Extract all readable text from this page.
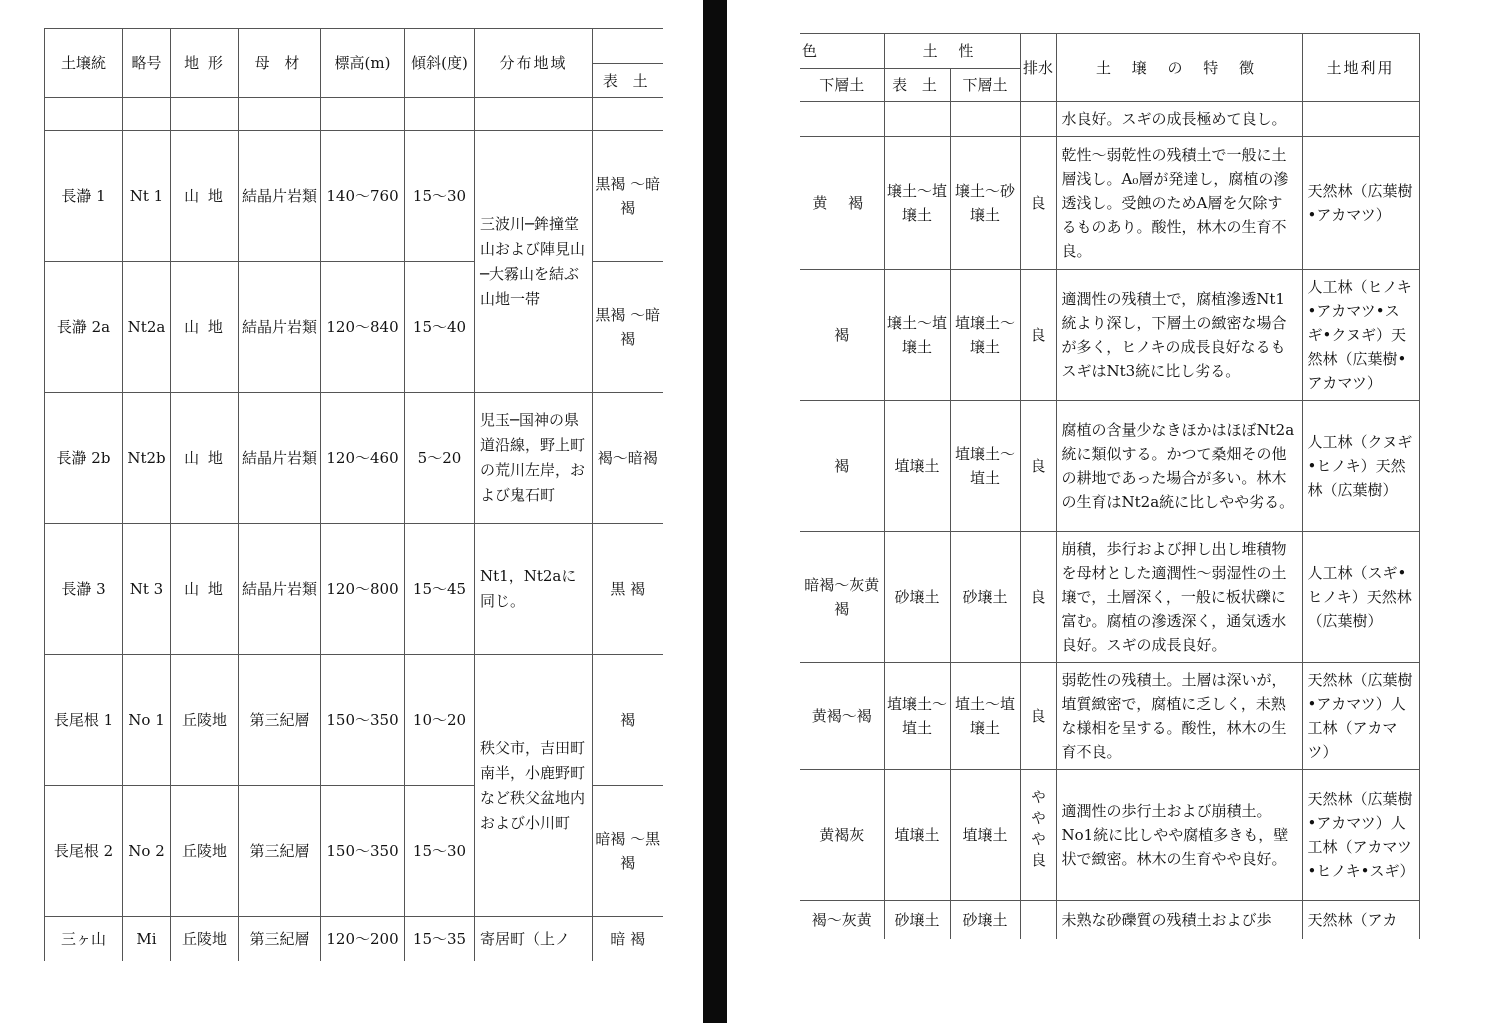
土壌統	略号	地 形	母 材	標高(m)	傾斜(度)	分布地域	
							表 土

長瀞 1	Nt 1	山 地	結晶片岩類	140〜760	15〜30	三波川─鉾撞堂山および陣見山─大霧山を結ぶ山地一帯	黒褐 〜暗褐
長瀞 2a	Nt2a	山 地	結晶片岩類	120〜840	15〜40		黒褐 〜暗褐
長瀞 2b	Nt2b	山 地	結晶片岩類	120〜460	5〜20	児玉─国神の県道沿線，野上町の荒川左岸，および鬼石町	褐〜暗褐
長瀞 3	Nt 3	山 地	結晶片岩類	120〜800	15〜45	Nt1，Nt2aに同じ。	黒 褐
長尾根 1	No 1	丘陵地	第三紀層	150〜350	10〜20	秩父市，吉田町南半，小鹿野町など秩父盆地内および小川町	褐
長尾根 2	No 2	丘陵地	第三紀層	150〜350	15〜30		暗褐 〜黒褐
三ヶ山	Mi	丘陵地	第三紀層	120〜200	15〜35	寄居町（上ノ	暗 褐
色	土 性		排水	土 壌 の 特 徴	土地利用
下層土	表 土	下層土			
				水良好。スギの成長極めて良し。	
黄 褐	壌土〜埴壌土	壌土〜砂壌土	良	乾性〜弱乾性の残積土で一般に土層浅し。A₀層が発達し，腐植の滲透浅し。受蝕のためA層を欠除するものあり。酸性，林木の生育不良。	天然林（広葉樹•アカマツ）
褐	壌土〜埴壌土	埴壌土〜壌土	良	適潤性の残積土で，腐植滲透Nt1統より深し，下層土の緻密な場合が多く，ヒノキの成長良好なるもスギはNt3統に比し劣る。	人工林（ヒノキ•アカマツ•スギ•クヌギ）天然林（広葉樹•アカマツ）
褐	埴壌土	埴壌土〜埴土	良	腐植の含量少なきほかはほぼNt2a統に類似する。かつて桑畑その他の耕地であった場合が多い。林木の生育はNt2a統に比しやや劣る。	人工林（クヌギ•ヒノキ）天然林（広葉樹）
暗褐〜灰黄褐	砂壌土	砂壌土	良	崩積，歩行および押し出し堆積物を母材とした適潤性〜弱湿性の土壌で，土層深く，一般に板状礫に富む。腐植の滲透深く，通気透水良好。スギの成長良好。	人工林（スギ•ヒノキ）天然林（広葉樹）
黄褐〜褐	埴壌土〜埴土	埴土〜埴壌土	良	弱乾性の残積土。土層は深いが，埴質緻密で，腐植に乏しく，未熟な様相を呈する。酸性，林木の生育不良。	天然林（広葉樹•アカマツ）人工林（アカマツ）
黄褐灰	埴壌土	埴壌土	ややや良	適潤性の歩行土および崩積土。No1統に比しやや腐植多きも，壁状で緻密。林木の生育やや良好。	天然林（広葉樹•アカマツ）人工林（アカマツ•ヒノキ•スギ）
褐〜灰黄	砂壌土	砂壌土		未熟な砂礫質の残積土および歩	天然林（アカ
